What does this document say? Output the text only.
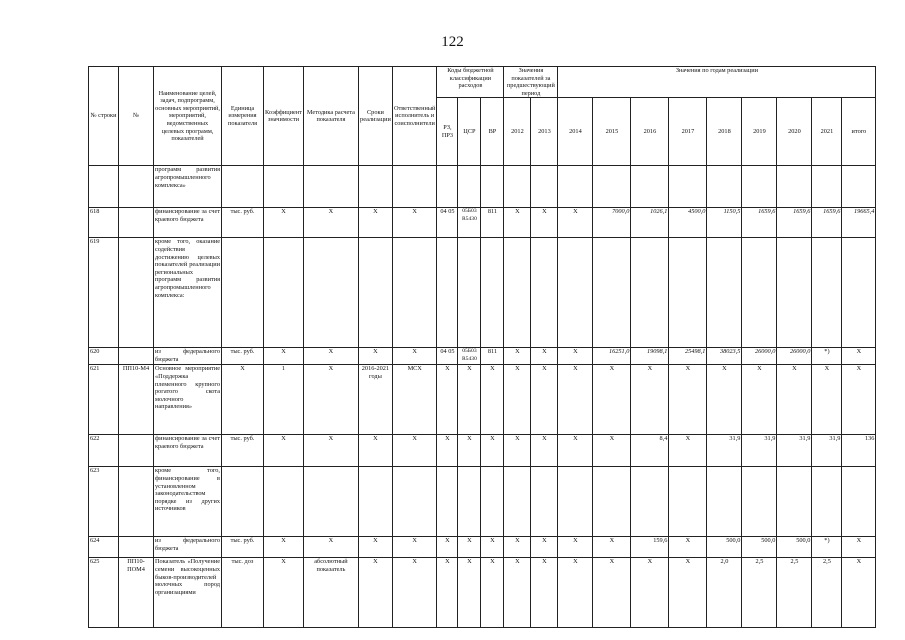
122
№ строки	№	Наименование целей, задач, подпрограмм, основных мероприятий, мероприятий, ведомственных целевых программ, показателей	Единица измерения показателя	Коэффициент значимости	Методика расчета показателя	Сроки реализации	Ответственный исполнитель и соисполнители	Коды бюджетной классификации расходов			Значения показателей за предшествующий период		Значения по годам реализации								
								РЗ, ПР3	ЦСР	ВР	2012	2013	2014	2015	2016	2017	2018	2019	2020	2021	итого
		программ развития агропромышленного комплекса»																			
618		финансирование за счет краевого бюджета	тыс. руб.	X	X	X	X	04 05	05Б03 R5430	811	X	X	X	7000,0	1026,1	4500,0	1150,5	1659,6	1659,6	1659,6	19665,4
619		кроме того, оказание содействия достижению целевых показателей реализации региональных программ развития агропромышленного комплекса:																			
620		из федерального бюджета	тыс. руб.	X	X	X	X	04 05	05Б03 R5430	811	X	X	X	16251,0	19098,1	25498,1	38023,5	26000,0	26000,0	*)	X
621	ПП10-М4	Основное мероприятие «Поддержка племенного крупного рогатого скота молочного направления»	X	1	X	2016-2021 годы	МСХ	X	X	X	X	X	X	X	X	X	X	X	X	X	X
622		финансирование за счет краевого бюджета	тыс. руб.	X	X	X	X	X	X	X	X	X	X	X	8,4	X	31,9	31,9	31,9	31,9	136
623		кроме того, финансирование в установленном законодательством порядке из других источников																			
624		из федерального бюджета	тыс. руб.	X	X	X	X	X	X	X	X	X	X	X	159,6	X	500,0	500,0	500,0	*)	X
625	ПП10-ПОМ4	Показатель «Получение семени высокоценных быков-производителей молочных пород организациями	тыс. доз	X	абсолютный показатель	X	X	X	X	X	X	X	X	X	X	X	2,0	2,5	2,5	2,5	X
